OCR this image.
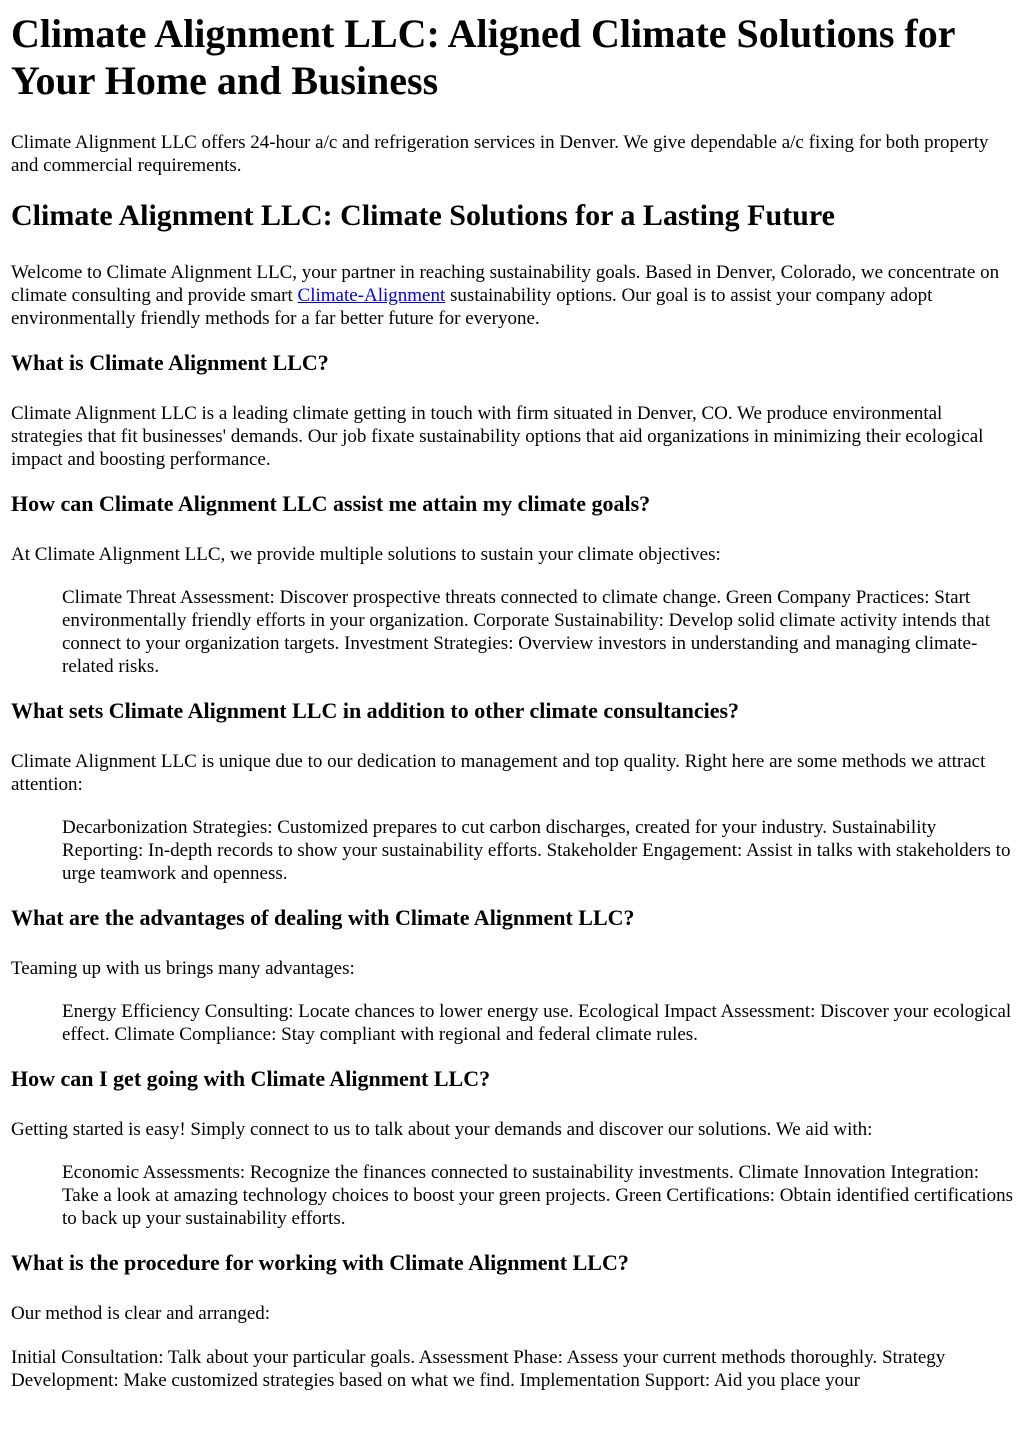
Climate Alignment LLC: Aligned Climate Solutions for Your Home and Business

Climate Alignment LLC offers 24-hour a/c and refrigeration services in Denver. We give dependable a/c fixing for both property and commercial requirements.

Climate Alignment LLC: Climate Solutions for a Lasting Future

Welcome to Climate Alignment LLC, your partner in reaching sustainability goals. Based in Denver, Colorado, we concentrate on climate consulting and provide smart Climate-Alignment sustainability options. Our goal is to assist your company adopt environmentally friendly methods for a far better future for everyone.

What is Climate Alignment LLC?

Climate Alignment LLC is a leading climate getting in touch with firm situated in Denver, CO. We produce environmental strategies that fit businesses' demands. Our job fixate sustainability options that aid organizations in minimizing their ecological impact and boosting performance.

How can Climate Alignment LLC assist me attain my climate goals?

At Climate Alignment LLC, we provide multiple solutions to sustain your climate objectives:

Climate Threat Assessment: Discover prospective threats connected to climate change. Green Company Practices: Start environmentally friendly efforts in your organization. Corporate Sustainability: Develop solid climate activity intends that connect to your organization targets. Investment Strategies: Overview investors in understanding and managing climate-related risks.
What sets Climate Alignment LLC in addition to other climate consultancies?

Climate Alignment LLC is unique due to our dedication to management and top quality. Right here are some methods we attract attention:

Decarbonization Strategies: Customized prepares to cut carbon discharges, created for your industry. Sustainability Reporting: In-depth records to show your sustainability efforts. Stakeholder Engagement: Assist in talks with stakeholders to urge teamwork and openness.
What are the advantages of dealing with Climate Alignment LLC?

Teaming up with us brings many advantages:

Energy Efficiency Consulting: Locate chances to lower energy use. Ecological Impact Assessment: Discover your ecological effect. Climate Compliance: Stay compliant with regional and federal climate rules.
How can I get going with Climate Alignment LLC?

Getting started is easy! Simply connect to us to talk about your demands and discover our solutions. We aid with:

Economic Assessments: Recognize the finances connected to sustainability investments. Climate Innovation Integration: Take a look at amazing technology choices to boost your green projects. Green Certifications: Obtain identified certifications to back up your sustainability efforts.
What is the procedure for working with Climate Alignment LLC?

Our method is clear and arranged:

Initial Consultation: Talk about your particular goals. Assessment Phase: Assess your current methods thoroughly. Strategy Development: Make customized strategies based on what we find. Implementation Support: Aid you place your
